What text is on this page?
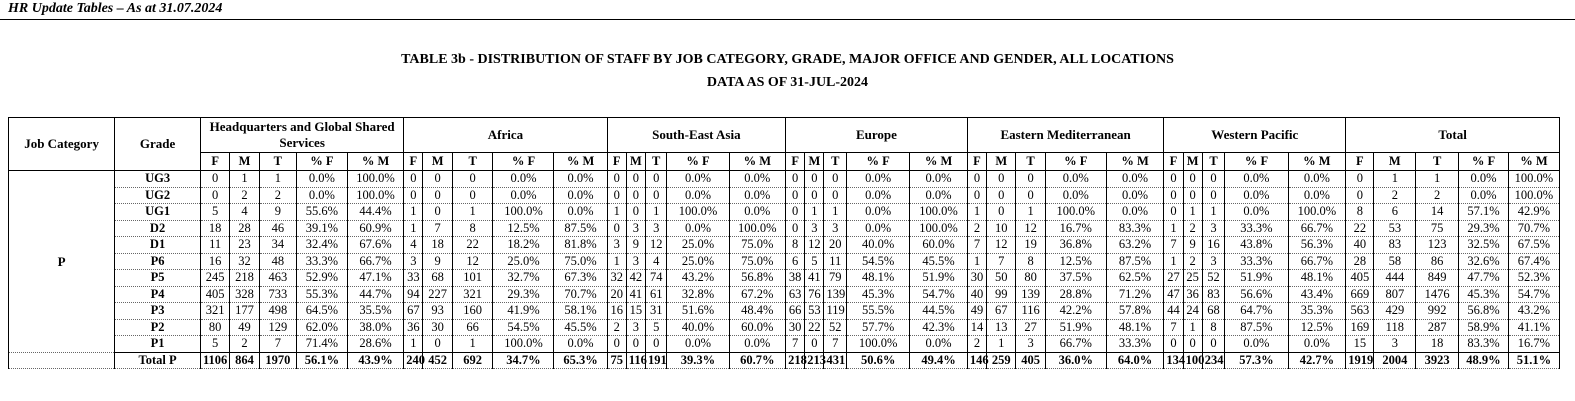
HR Update Tables – As at 31.07.2024
TABLE 3b - DISTRIBUTION OF STAFF BY JOB CATEGORY, GRADE, MAJOR OFFICE AND GENDER, ALL LOCATIONS
DATA AS OF 31-JUL-2024
Job Category	Grade	Headquarters and Global Shared Services					Africa					South-East Asia					Europe					Eastern Mediterranean					Western Pacific					Total				
		F	M	T	% F	% M	F	M	T	% F	% M	F	M	T	% F	% M	F	M	T	% F	% M	F	M	T	% F	% M	F	M	T	% F	% M	F	M	T	% F	% M
P	UG3	0	1	1	0.0%	100.0%	0	0	0	0.0%	0.0%	0	0	0	0.0%	0.0%	0	0	0	0.0%	0.0%	0	0	0	0.0%	0.0%	0	0	0	0.0%	0.0%	0	1	1	0.0%	100.0%
	UG2	0	2	2	0.0%	100.0%	0	0	0	0.0%	0.0%	0	0	0	0.0%	0.0%	0	0	0	0.0%	0.0%	0	0	0	0.0%	0.0%	0	0	0	0.0%	0.0%	0	2	2	0.0%	100.0%
	UG1	5	4	9	55.6%	44.4%	1	0	1	100.0%	0.0%	1	0	1	100.0%	0.0%	0	1	1	0.0%	100.0%	1	0	1	100.0%	0.0%	0	1	1	0.0%	100.0%	8	6	14	57.1%	42.9%
	D2	18	28	46	39.1%	60.9%	1	7	8	12.5%	87.5%	0	3	3	0.0%	100.0%	0	3	3	0.0%	100.0%	2	10	12	16.7%	83.3%	1	2	3	33.3%	66.7%	22	53	75	29.3%	70.7%
	D1	11	23	34	32.4%	67.6%	4	18	22	18.2%	81.8%	3	9	12	25.0%	75.0%	8	12	20	40.0%	60.0%	7	12	19	36.8%	63.2%	7	9	16	43.8%	56.3%	40	83	123	32.5%	67.5%
	P6	16	32	48	33.3%	66.7%	3	9	12	25.0%	75.0%	1	3	4	25.0%	75.0%	6	5	11	54.5%	45.5%	1	7	8	12.5%	87.5%	1	2	3	33.3%	66.7%	28	58	86	32.6%	67.4%
	P5	245	218	463	52.9%	47.1%	33	68	101	32.7%	67.3%	32	42	74	43.2%	56.8%	38	41	79	48.1%	51.9%	30	50	80	37.5%	62.5%	27	25	52	51.9%	48.1%	405	444	849	47.7%	52.3%
	P4	405	328	733	55.3%	44.7%	94	227	321	29.3%	70.7%	20	41	61	32.8%	67.2%	63	76	139	45.3%	54.7%	40	99	139	28.8%	71.2%	47	36	83	56.6%	43.4%	669	807	1476	45.3%	54.7%
	P3	321	177	498	64.5%	35.5%	67	93	160	41.9%	58.1%	16	15	31	51.6%	48.4%	66	53	119	55.5%	44.5%	49	67	116	42.2%	57.8%	44	24	68	64.7%	35.3%	563	429	992	56.8%	43.2%
	P2	80	49	129	62.0%	38.0%	36	30	66	54.5%	45.5%	2	3	5	40.0%	60.0%	30	22	52	57.7%	42.3%	14	13	27	51.9%	48.1%	7	1	8	87.5%	12.5%	169	118	287	58.9%	41.1%
	P1	5	2	7	71.4%	28.6%	1	0	1	100.0%	0.0%	0	0	0	0.0%	0.0%	7	0	7	100.0%	0.0%	2	1	3	66.7%	33.3%	0	0	0	0.0%	0.0%	15	3	18	83.3%	16.7%
	Total P	1106	864	1970	56.1%	43.9%	240	452	692	34.7%	65.3%	75	116	191	39.3%	60.7%	218	213	431	50.6%	49.4%	146	259	405	36.0%	64.0%	134	100	234	57.3%	42.7%	1919	2004	3923	48.9%	51.1%
